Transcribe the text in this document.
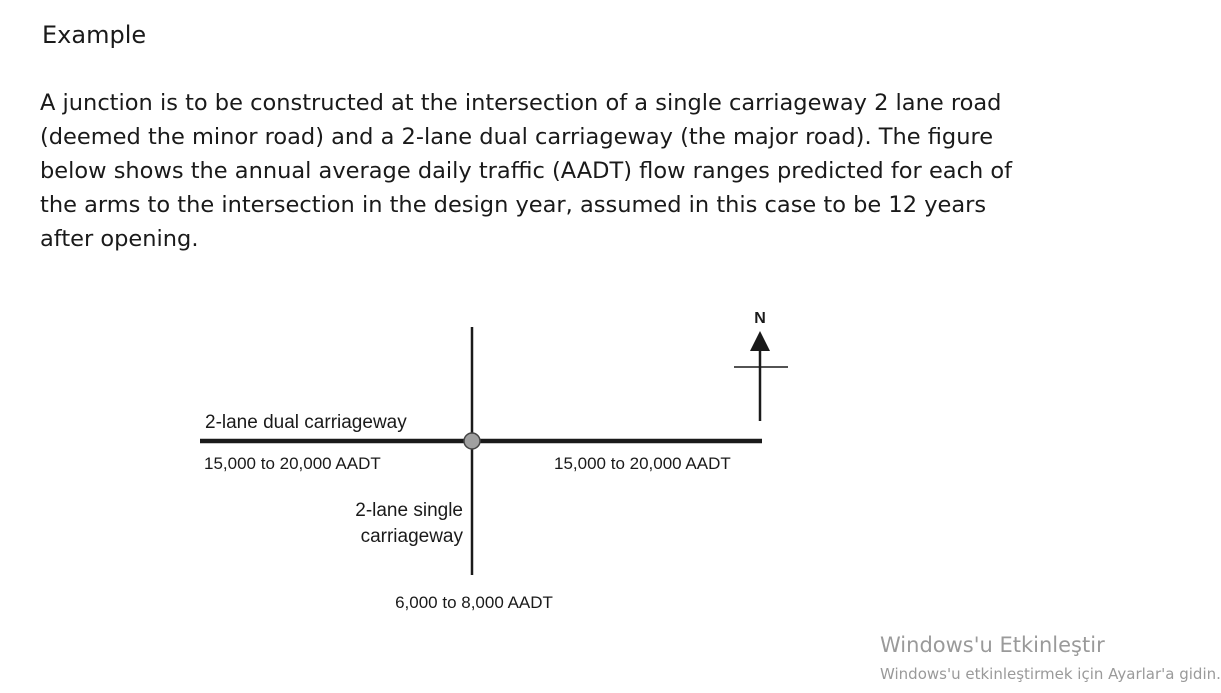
Example

A junction is to be constructed at the intersection of a single carriageway 2 lane road (deemed the minor road) and a 2-lane dual carriageway (the major road). The figure below shows the annual average daily traffic (AADT) flow ranges predicted for each of the arms to the intersection in the design year, assumed in this case to be 12 years after opening.

N
2-lane dual carriageway
15,000 to 20,000 AADT	15,000 to 20,000 AADT
2-lane single
carriageway
6,000 to 8,000 AADT
Windows'u Etkinleştir
Windows'u etkinleştirmek için Ayarlar'a gidin.
